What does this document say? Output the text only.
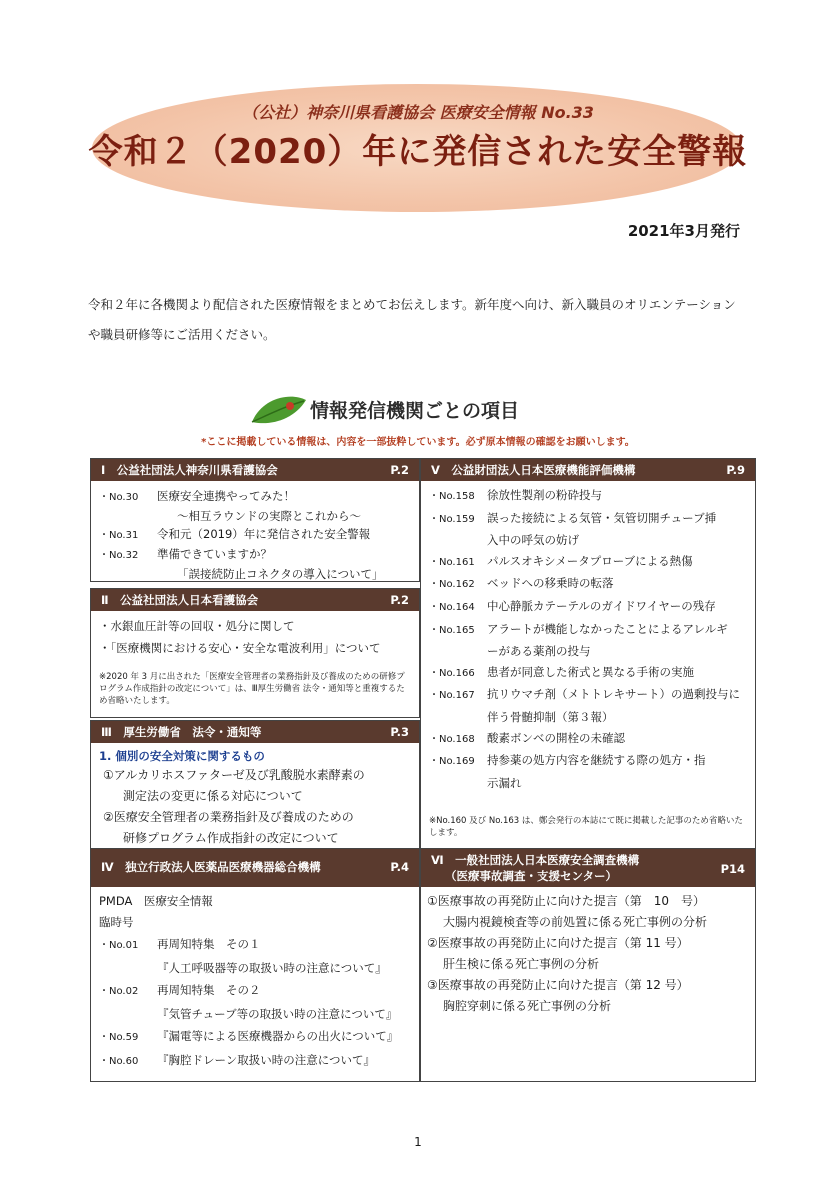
（公社）神奈川県看護協会 医療安全情報 No.33
令和２（2020）年に発信された安全警報
2021年3月発行
令和２年に各機関より配信された医療情報をまとめてお伝えします。新年度へ向け、新入職員のオリエンテーションや職員研修等にご活用ください。
情報発信機関ごとの項目
*ここに掲載している情報は、内容を一部抜粋しています。必ず原本情報の確認をお願いします。
Ⅰ　公益社団法人神奈川県看護協会	P.2
・No.30 医療安全連携やってみた！
～相互ラウンドの実際とこれから～
・No.31 令和元（2019）年に発信された安全警報
・No.32 準備できていますか？
「誤接続防止コネクタの導入について」
Ⅱ　公益社団法人日本看護協会	P.2
・水銀血圧計等の回収・処分に関して
・「医療機関における安心・安全な電波利用」について
※2020 年 3 月に出された「医療安全管理者の業務指針及び養成のための研修プログラム作成指針の改定について」は、Ⅲ厚生労働省 法令・通知等と重複するため省略いたします。
Ⅲ　厚生労働省　法令・通知等	P.3
1. 個別の安全対策に関するもの
①アルカリホスファターゼ及び乳酸脱水素酵素の
測定法の変更に係る対応について
②医療安全管理者の業務指針及び養成のための
研修プログラム作成指針の改定について
Ⅳ　独立行政法人医薬品医療機器総合機構	P.4
PMDA　医療安全情報
臨時号
・No.01 再周知特集　その１
『人工呼吸器等の取扱い時の注意について』
・No.02 再周知特集　その２
『気管チューブ等の取扱い時の注意について』
・No.59 『漏電等による医療機器からの出火について』
・No.60 『胸腔ドレーン取扱い時の注意について』
Ⅴ　公益財団法人日本医療機能評価機構	P.9
・No.158 徐放性製剤の粉砕投与
・No.159 誤った接続による気管・気管切開チューブ挿
入中の呼気の妨げ
・No.161 パルスオキシメータプローブによる熱傷
・No.162 ベッドへの移乗時の転落
・No.164 中心静脈カテーテルのガイドワイヤーの残存
・No.165 アラートが機能しなかったことによるアレルギ
ーがある薬剤の投与
・No.166 患者が同意した術式と異なる手術の実施
・No.167 抗リウマチ剤（メトトレキサート）の過剰投与に
伴う骨髄抑制（第３報）
・No.168 酸素ボンベの開栓の未確認
・No.169 持参薬の処方内容を継続する際の処方・指
示漏れ
※No.160 及び No.163 は、鄭会発行の本誌にて既に掲載した記事のため省略いたします。
Ⅵ　一般社団法人日本医療安全調査機構
（医療事故調査・支援センター）	P14
①医療事故の再発防止に向けた提言（第　10　号）
大腸内視鏡検査等の前処置に係る死亡事例の分析
②医療事故の再発防止に向けた提言（第 11 号）
肝生検に係る死亡事例の分析
③医療事故の再発防止に向けた提言（第 12 号）
胸腔穿刺に係る死亡事例の分析
1
